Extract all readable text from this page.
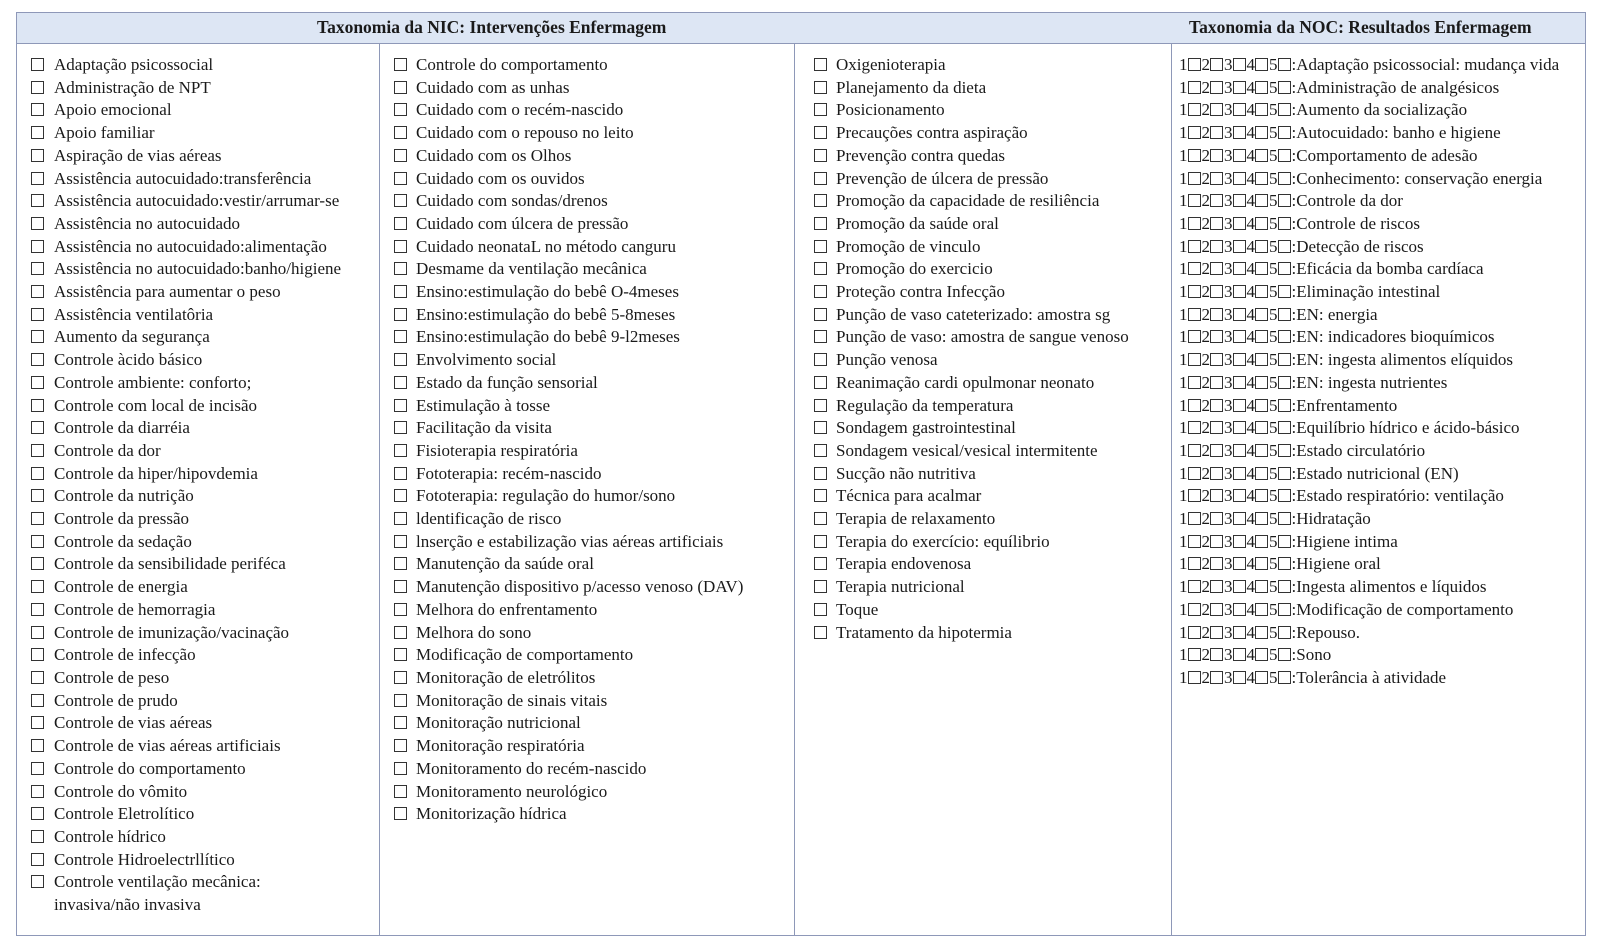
Taxonomia da NIC: Intervenções Enfermagem	Taxonomia da NOC: Resultados Enfermagem
Adaptação psicossocial
Administração de NPT
Apoio emocional
Apoio familiar
Aspiração de vias aéreas
Assistência autocuidado:transferência
Assistência autocuidado:vestir/arrumar-se
Assistência no autocuidado
Assistência no autocuidado:alimentação
Assistência no autocuidado:banho/higiene
Assistência para aumentar o peso
Assistência ventilatôria
Aumento da segurança
Controle àcido básico
Controle ambiente: conforto;
Controle com local de incisão
Controle da diarréia
Controle da dor
Controle da hiper/hipovdemia
Controle da nutrição
Controle da pressão
Controle da sedação
Controle da sensibilidade periféca
Controle de energia
Controle de hemorragia
Controle de imunização/vacinação
Controle de infecção
Controle de peso
Controle de prudo
Controle de vias aéreas
Controle de vias aéreas artificiais
Controle do comportamento
Controle do vômito
Controle Eletrolítico
Controle hídrico
Controle Hidroelectrllítico
Controle ventilação mecânica: invasiva/não invasiva
Controle do comportamento
Cuidado com as unhas
Cuidado com o recém-nascido
Cuidado com o repouso no leito
Cuidado com os Olhos
Cuidado com os ouvidos
Cuidado com sondas/drenos
Cuidado com úlcera de pressão
Cuidado neonataL no método canguru
Desmame da ventilação mecânica
Ensino:estimulação do bebê O-4meses
Ensino:estimulação do bebê 5-8meses
Ensino:estimulação do bebê 9-l2meses
Envolvimento social
Estado da função sensorial
Estimulação à tosse
Facilitação da visita
Fisioterapia respiratória
Fototerapia: recém-nascido
Fototerapia: regulação do humor/sono
ldentificação de risco
lnserção e estabilização vias aéreas artificiais
Manutenção da saúde oral
Manutenção dispositivo p/acesso venoso (DAV)
Melhora do enfrentamento
Melhora do sono
Modificação de comportamento
Monitoração de eletrólitos
Monitoração de sinais vitais
Monitoração nutricional
Monitoração respiratória
Monitoramento do recém-nascido
Monitoramento neurológico
Monitorização hídrica
Oxigenioterapia
Planejamento da dieta
Posicionamento
Precauções contra aspiração
Prevenção contra quedas
Prevenção de úlcera de pressão
Promoção da capacidade de resiliência
Promoção da saúde oral
Promoção de vinculo
Promoção do exercicio
Proteção contra Infecção
Punção de vaso cateterizado: amostra sg
Punção de vaso: amostra de sangue venoso
Punção venosa
Reanimação cardi opulmonar neonato
Regulação da temperatura
Sondagem gastrointestinal
Sondagem vesical/vesical intermitente
Sucção não nutritiva
Técnica para acalmar
Terapia de relaxamento
Terapia do exercício: equílibrio
Terapia endovenosa
Terapia nutricional
Toque
Tratamento da hipotermia
1 2 3 4 5 : Adaptação psicossocial: mudança vida
1 2 3 4 5 : Administração de analgésicos
1 2 3 4 5 : Aumento da socialização
1 2 3 4 5 : Autocuidado: banho e higiene
1 2 3 4 5 : Comportamento de adesão
1 2 3 4 5 : Conhecimento: conservação energia
1 2 3 4 5 : Controle da dor
1 2 3 4 5 : Controle de riscos
1 2 3 4 5 : Detecção de riscos
1 2 3 4 5 : Eficácia da bomba cardíaca
1 2 3 4 5 : Eliminação intestinal
1 2 3 4 5 : EN: energia
1 2 3 4 5 : EN: indicadores bioquímicos
1 2 3 4 5 : EN: ingesta alimentos elíquidos
1 2 3 4 5 : EN: ingesta nutrientes
1 2 3 4 5 : Enfrentamento
1 2 3 4 5 : Equilíbrio hídrico e ácido-básico
1 2 3 4 5 : Estado circulatório
1 2 3 4 5 : Estado nutricional (EN)
1 2 3 4 5 : Estado respiratório: ventilação
1 2 3 4 5 : Hidratação
1 2 3 4 5 : Higiene intima
1 2 3 4 5 : Higiene oral
1 2 3 4 5 : Ingesta alimentos e líquidos
1 2 3 4 5 : Modificação de comportamento
1 2 3 4 5 : Repouso.
1 2 3 4 5 : Sono
1 2 3 4 5 : Tolerância à atividade
